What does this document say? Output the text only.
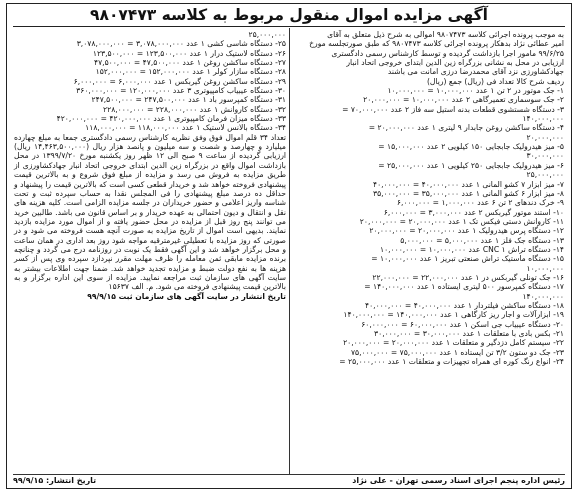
آگهی مزایده اموال منقول مربوط به کلاسه ۹۸۰۷۴۷۳
به موجب پرونده اجرائی کلاسه ۹۸۰۷۴۷۳ اموالی به شرح ذیل متعلق به آقای
امیر عطائی نژاد بدهکار پرونده اجرائی کلاسه ۹۸۰۷۴۷۳ که طبق صورتجلسه مورخ
۹۹/۶/۲۵ مامور اجرا بازداشت گردیده و توسط کارشناس رسمی دادگستری
ارزیابی در محل به نشانی بزرگراه زین الدین ابتدای خروجی اتحاد انبار
جهادکشاورزی نزد آقای محمدرضا درزی امانت می باشند
ردیف شرح کالا تعداد فی (ریال) جمع (ریال)
۱- جک موتور در ۲ تن ۱ عدد ۱۰,۰۰۰,۰۰۰ = ۱۰,۰۰۰,۰۰۰
۲- جک سوسماری تعمیرگاهی ۲ عدد ۱۰,۰۰۰,۰۰۰ = ۲۰,۰۰۰,۰۰۰
۳- دستگاه شستشوی قطعات بدنه استیل سه فاز ۲ عدد ۷۰,۰۰۰,۰۰۰ =
۱۴۰,۰۰۰,۰۰۰
۴- دستگاه ساکشن روغن جابدار ۹ لیتری ۱ عدد ۲۰,۰۰۰,۰۰۰ =
۲۰,۰۰۰,۰۰۰
۵- میز هیدرولیک جابجایی ۱۵۰ کیلویی ۲ عدد ۱۵,۰۰۰,۰۰۰ =
۳۰,۰۰۰,۰۰۰
۶- میز هیدرولیک جابجایی ۲۵۰ کیلویی ۱ عدد ۲۵,۰۰۰,۰۰۰ =
۲۵,۰۰۰,۰۰۰
۷- میز ابزار ۷ کشو المانی ۱ عدد ۴۰,۰۰۰,۰۰۰ = ۴۰,۰۰۰,۰۰۰
۸- میز ابزار ۶ کشو المانی ۱ عدد ۳۵,۰۰۰,۰۰۰ = ۳۵,۰۰۰,۰۰۰
۹- خرک دندهای ۲ تن ۶ عدد ۱,۰۰۰,۰۰۰ = ۶,۰۰۰,۰۰۰
۱۰- استند موتور گیربکس ۲ عدد ۳,۰۰۰,۰۰۰ = ۶,۰۰۰,۰۰۰
۱۱- کاروانش دستی فیکس تک ۱ عدد ۲۰,۰۰۰,۰۰۰ = ۲۰,۰۰۰,۰۰۰
۱۲- دستگاه پرس هیدرولیک ۱ عدد ۲۰,۰۰۰,۰۰۰ = ۲۰,۰۰۰,۰۰۰
۱۳- دستگاه جک فلز ۱ عدد ۵,۰۰۰,۰۰۰ = ۵,۰۰۰,۰۰۰
۱۴- دستگاه تراش CNC ۱ عدد ۱۰,۰۰۰,۰۰۰ = ۱۰,۰۰۰,۰۰۰
۱۵- دستگاه ماستیک تراش صنعتی تبریز ۱ عدد ۱۰,۰۰۰,۰۰۰ =
۱۰,۰۰۰,۰۰۰
۱۶- جک تونلی گیربکس در ۱ عدد ۲۲,۰۰۰,۰۰۰ = ۲۲,۰۰۰,۰۰۰
۱۷- دستگاه کمپرسور ۵۰۰ لیتری ایستاده ۱ عدد ۱۴۰,۰۰۰,۰۰۰ =
۱۴۰,۰۰۰,۰۰۰
۱۸- دستگاه ساکشن فیلتردار ۱ عدد ۴۰,۰۰۰,۰۰۰ = ۴۰,۰۰۰,۰۰۰
۱۹- ابزارآلات و اجار ریز کارگاهی ۱ عدد ۱۴۰,۰۰۰,۰۰۰ = ۱۴۰,۰۰۰,۰۰۰
۲۰- دستگاه عیبیاب جی اسکن ۱ عدد ۶۰,۰۰۰,۰۰۰ = ۶۰,۰۰۰,۰۰۰
۲۱- بکس بادی با متعلقات ۱ عدد ۳۰,۰۰۰,۰۰۰ = ۳۰,۰۰۰,۰۰۰
۲۲- سیستم کامل دزدگیر و متعلقات ۱ عدد ۲۰,۰۰۰,۰۰۰ = ۲۰,۰۰۰,۰۰۰
۲۳- جک دو ستون ۳/۲ تن ایستاده ۱ عدد ۷۵,۰۰۰,۰۰۰ = ۷۵,۰۰۰,۰۰۰
۲۴- انواع رنگ کوره ای همراه تجهیزات و متعلقات ۱ عدد ۲۵,۰۰۰,۰۰۰ =
۲۵,۰۰۰,۰۰۰
۲۵- دستگاه شاسی کشی ۱ عدد ۳,۰۷۸,۰۰۰,۰۰۰ = ۳,۰۷۸,۰۰۰,۰۰۰
۲۶- دستگاه لاستیک درار ۱ عدد ۱۲۳,۵۰۰,۰۰۰ = ۱۲۳,۵۰۰,۰۰۰
۲۷- دستگاه ساکشن روغن ۱ عدد ۴۷,۵۰۰,۰۰۰ = ۴۷,۵۰۰,۰۰۰
۲۸- دستگاه سازار کولر ۱ عدد ۱۵۲,۰۰۰,۰۰۰ = ۱۵۲,۰۰۰,۰۰۰
۲۹- دستگاه ساکشن روغن گیربکس ۱ عدد ۶,۰۰۰,۰۰۰ = ۶,۰۰۰,۰۰۰
۳۰- دستگاه عیبیاب کامپیوتری ۳ عدد ۱۲۰,۰۰۰,۰۰۰ = ۳۶۰,۰۰۰,۰۰۰
۳۱- دستگاه کمپرسور باد ۱ عدد ۲۴۷,۵۰۰,۰۰۰ = ۲۴۷,۵۰۰,۰۰۰
۳۲- دستگاه کاروانش ۱ عدد ۲۲۸,۰۰۰,۰۰۰ = ۲۲۸,۰۰۰,۰۰۰
۳۳- دستگاه میزان فرمان کامپیوتری ۱ عدد ۴۲۰,۰۰۰,۰۰۰ = ۴۲۰,۰۰۰,۰۰۰
۳۴- دستگاه بالانس لاستیک ۱ عدد ۱۱۸,۰۰۰,۰۰۰ = ۱۱۸,۰۰۰,۰۰۰
تعداد ۳۴ قلم اموال فوق وفق نظریه کارشناس رسمی دادگستری جمعا به مبلغ چهارده میلیارد و چهارصد و شصت و سه میلیون و پانصد هزار ریال (۱۴,۴۶۳,۵۰۰,۰۰۰ ریال) ارزیابی گردیده از ساعت ۹ صبح الی ۱۲ ظهر روز یکشنبه مورخ ۱۳۹۹/۷/۲۰ در محل بازداشت اموال واقع در بزرگراه زین الدین ابتدای خروجی اتحاد انبار جهادکشاورزی از طریق مزایده به فروش می رسد و مزایده از مبلغ فوق شروع و به بالاترین قیمت پیشنهادی فروخته خواهد شد و خریدار قطعی کسی است که بالاترین قیمت را پیشنهاد و حداقل ده درصد مبلغ پیشنهادی را فی المجلس نقدا به حساب سپرده ثبت و تحت شناسه واریز اعلامی و حضور خریداران در جلسه مزایده الزامی است. کلیه هزینه های نقل و انتقال و دیون احتمالی به عهده خریدار و بر اساس قانون می باشد. طالبین خرید می توانند پنج روز قبل از مزایده در محل حضور یافته و از اموال مورد مزایده بازدید نمایند. بدیهی است اموال از تاریخ مزایده به صورت آنچه هست فروخته می شود و در صورتی که روز مزایده با تعطیلی غیرمترقبه مواجه شود روز بعد اداری در همان ساعت و محل برگزار خواهد شد و این آگهی فقط یک نوبت در روزنامه درج می گردد و چنانچه برنده مزایده مابقی ثمن معامله را ظرف مهلت مقرر نپردازد سپرده وی پس از کسر هزینه ها به نفع دولت ضبط و مزایده تجدید خواهد شد. ضمنا جهت اطلاعات بیشتر به سایت آگهی های سازمان ثبت مراجعه نمایید. مزایده از سوی این اداره برگزار و به بالاترین قیمت پیشنهادی فروخته می شود. م. الف ۱۵۶۳۷
تاریخ انتشار در سایت آگهی های سازمان ثبت ۹۹/۹/۱۵
رئیس اداره پنجم اجرای اسناد رسمی تهران - علی نژاد
تاریخ انتشار: ۹۹/۹/۱۵
